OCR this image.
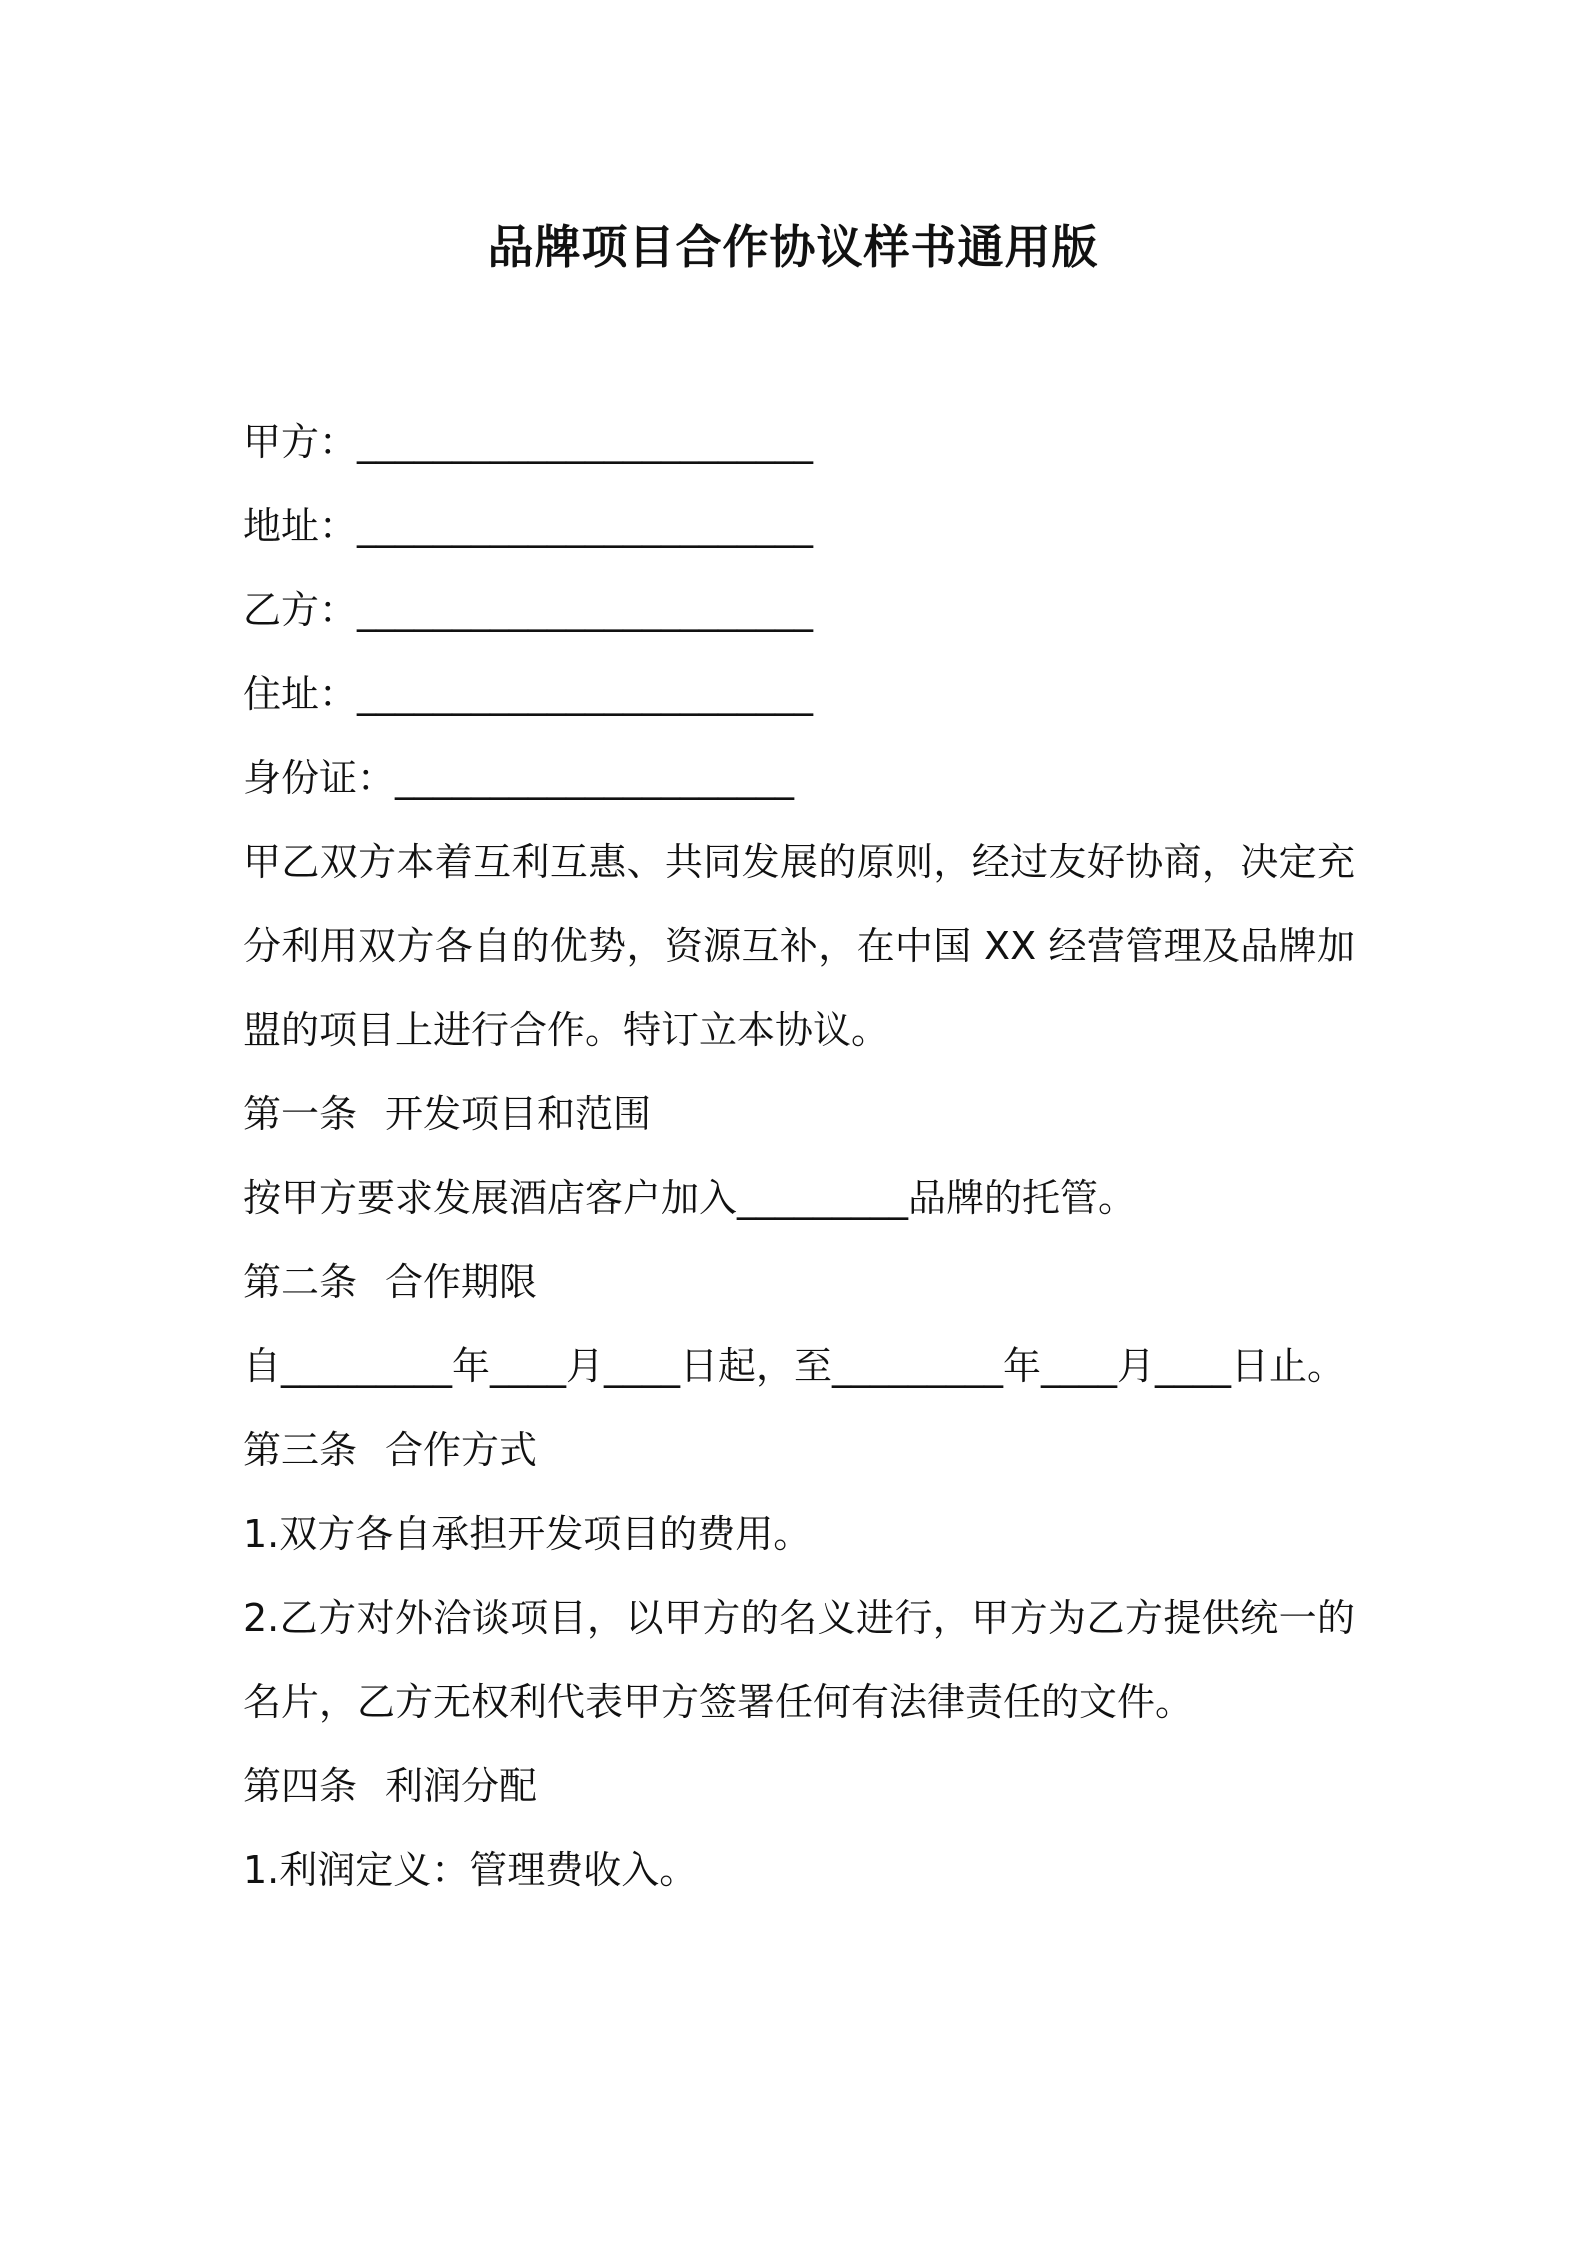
品牌项目合作协议样书通用版
甲方：________________________
地址：________________________
乙方：________________________
住址：________________________
身份证：_____________________
甲乙双方本着互利互惠、共同发展的原则，经过友好协商，决定充分利用双方各自的优势，资源互补，在中国 XX 经营管理及品牌加盟的项目上进行合作。特订立本协议。
第一条 开发项目和范围
按甲方要求发展酒店客户加入_________品牌的托管。
第二条 合作期限
自_________年____月____日起，至_________年____月____日止。
第三条 合作方式
1.双方各自承担开发项目的费用。
2.乙方对外洽谈项目，以甲方的名义进行，甲方为乙方提供统一的名片，乙方无权利代表甲方签署任何有法律责任的文件。
第四条 利润分配
1.利润定义：管理费收入。
